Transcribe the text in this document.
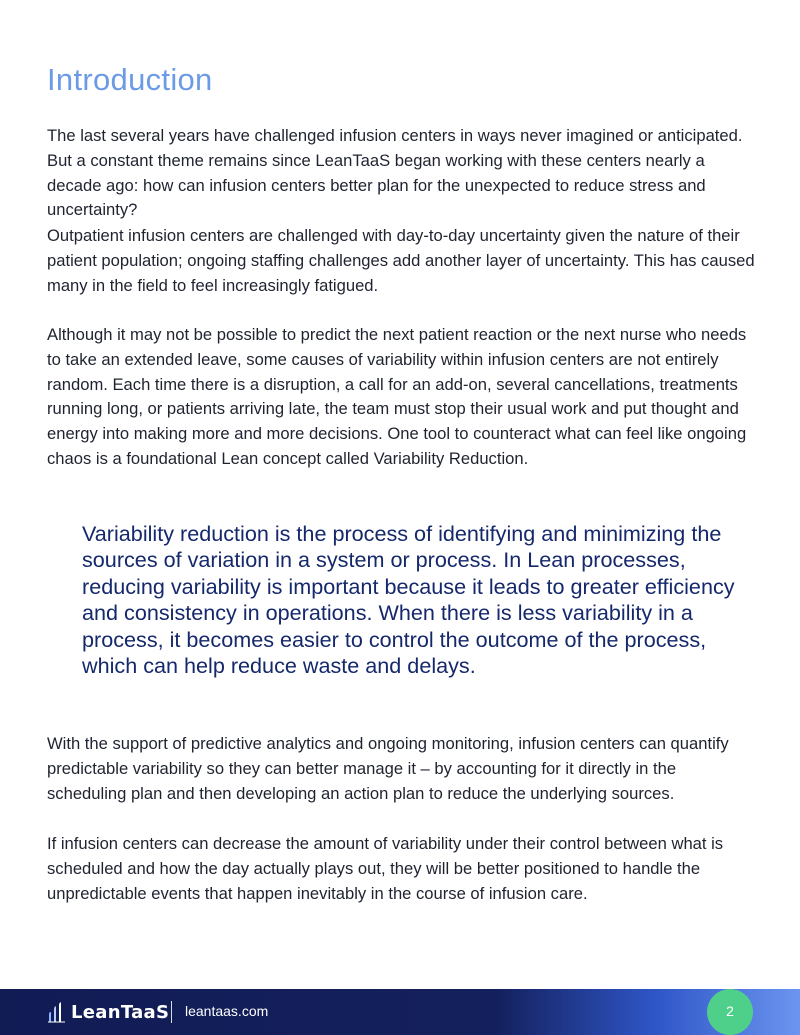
Introduction

The last several years have challenged infusion centers in ways never imagined or anticipated. But a constant theme remains since LeanTaaS began working with these centers nearly a decade ago: how can infusion centers better plan for the unexpected to reduce stress and uncertainty?

Outpatient infusion centers are challenged with day-to-day uncertainty given the nature of their patient population; ongoing staffing challenges add another layer of uncertainty. This has caused many in the field to feel increasingly fatigued.

Although it may not be possible to predict the next patient reaction or the next nurse who needs to take an extended leave, some causes of variability within infusion centers are not entirely random. Each time there is a disruption, a call for an add-on, several cancellations, treatments running long, or patients arriving late, the team must stop their usual work and put thought and energy into making more and more decisions. One tool to counteract what can feel like ongoing chaos is a foundational Lean concept called Variability Reduction.

Variability reduction is the process of identifying and minimizing the sources of variation in a system or process. In Lean processes, reducing variability is important because it leads to greater efficiency and consistency in operations. When there is less variability in a process, it becomes easier to control the outcome of the process, which can help reduce waste and delays.

With the support of predictive analytics and ongoing monitoring, infusion centers can quantify predictable variability so they can better manage it – by accounting for it directly in the scheduling plan and then developing an action plan to reduce the underlying sources.

If infusion centers can decrease the amount of variability under their control between what is scheduled and how the day actually plays out, they will be better positioned to handle the unpredictable events that happen inevitably in the course of infusion care.

LeanTaaS leantaas.com	2
